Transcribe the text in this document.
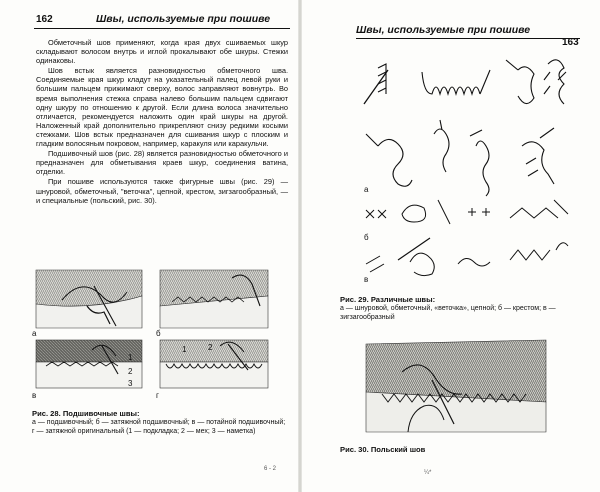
162	Швы, используемые при пошиве

Обметочный шов применяют, когда края двух сшиваемых шкур складывают волосом внутрь и иглой прокалывают обе шкуры. Стежки одинаковы.

Шов встык является разновидностью обметочного шва. Соединяемые края шкур кладут на указательный палец левой руки и большим пальцем прижимают сверху, волос заправляют вовнутрь. Во время выполнения стежка справа налево большим пальцем сдвигают одну шкуру по отношению к другой. Если длина волоса значительно отличается, рекомендуется наложить один край шкуры на другой. Наложенный край дополнительно прикрепляют снизу редкими косыми стежками. Шов встык предназначен для сшивания шкур с плоским и гладким волосяным покровом, например, каракуля или каракульчи.

Подшивочный шов (рис. 28) является разновидностью обметочного и предназначен для обметывания краев шкур, соединения ватина, отделки.

При пошиве используются также фигурные швы (рис. 29) — шнуровой, обметочный, "веточка", цепной, крестом, зигзагообразный, — и специальные (польский, рис. 30).

а	б
в	г
1
2
3
1	2
Рис. 28. Подшивочные швы:
а — подшивочный; б — затяжной подшивочный; в — потайной подшивочный; г — затяжной оригинальный (1 — подкладка; 2 — мех; 3 — наметка)
6 - 2
Швы, используемые при пошиве
163
а
б
в
Рис. 29. Различные швы:
а — шнуровой, обметочный, «веточка», цепной; б — крестом; в — зигзагообразный
Рис. 30. Польский шов
¼*
